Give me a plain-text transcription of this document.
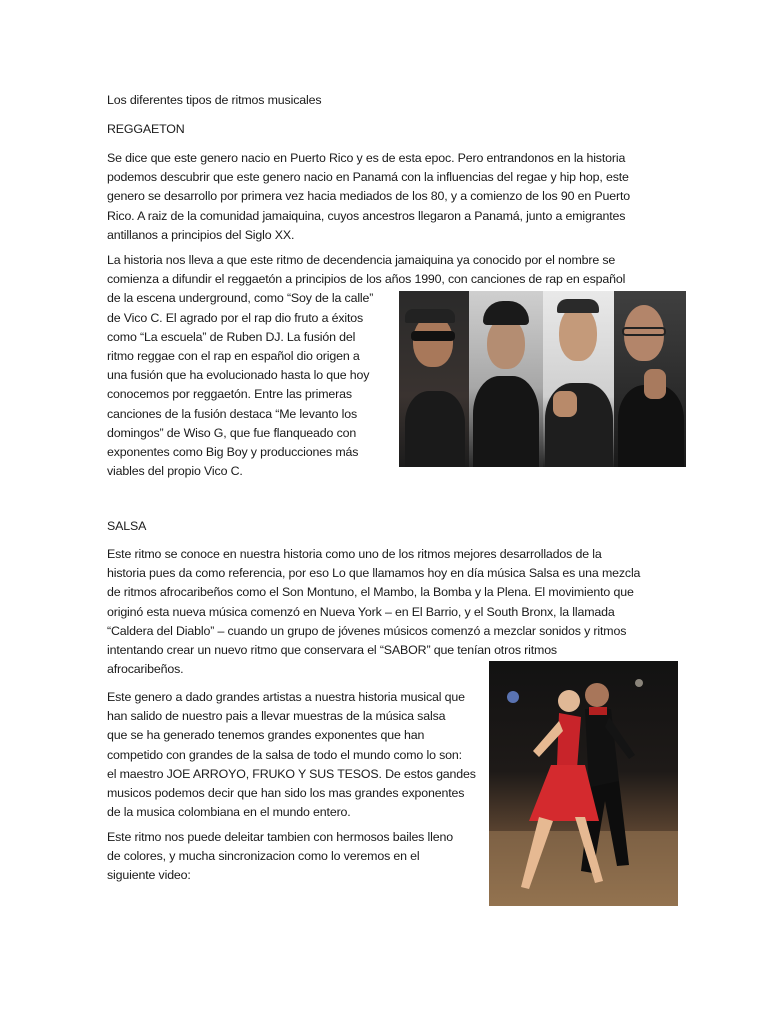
Los diferentes tipos de ritmos musicales

REGGAETON

Se dice que este genero nacio en Puerto Rico y es de esta epoc. Pero entrandonos en la historia
podemos descubrir que este genero nacio en Panamá con la influencias del regae y hip hop, este
genero se desarrollo por primera vez hacia mediados de los 80, y a comienzo de los 90 en Puerto
Rico. A raiz de la comunidad jamaiquina, cuyos ancestros llegaron a Panamá, junto a emigrantes
antillanos a principios del Siglo XX.

La historia nos lleva a que este ritmo de decendencia jamaiquina ya conocido por el nombre se
comienza a difundir el reggaetón a principios de los años 1990, con canciones de rap en español
de la escena underground, como “Soy de la calle”
de Vico C. El agrado por el rap dio fruto a éxitos
como “La escuela” de Ruben DJ. La fusión del
ritmo reggae con el rap en español dio origen a
una fusión que ha evolucionado hasta lo que hoy
conocemos por reggaetón. Entre las primeras
canciones de la fusión destaca “Me levanto los
domingos” de Wiso G, que fue flanqueado con
exponentes como Big Boy y producciones más
viables del propio Vico C.

SALSA

Este ritmo se conoce en nuestra historia como uno de los ritmos mejores desarrollados de la
historia pues da como referencia, por eso Lo que llamamos hoy en día música Salsa es una mezcla
de ritmos afrocaribeños como el Son Montuno, el Mambo, la Bomba y la Plena. El movimiento que
originó esta nueva música comenzó en Nueva York – en El Barrio, y el South Bronx, la llamada
“Caldera del Diablo” – cuando un grupo de jóvenes músicos comenzó a mezclar sonidos y ritmos
intentando crear un nuevo ritmo que conservara el “SABOR” que tenían otros ritmos
afrocaribeños.

Este genero a dado grandes artistas a nuestra historia musical que
han salido de nuestro pais a llevar muestras de la música salsa
que se ha generado tenemos grandes exponentes que han
competido con grandes de la salsa de todo el mundo como lo son:
el maestro JOE ARROYO, FRUKO Y SUS TESOS. De estos gandes
musicos podemos decir que han sido los mas grandes exponentes
de la musica colombiana en el mundo entero.

Este ritmo nos puede deleitar tambien con hermosos bailes lleno
de colores, y mucha sincronizacion como lo veremos en el
siguiente video:
